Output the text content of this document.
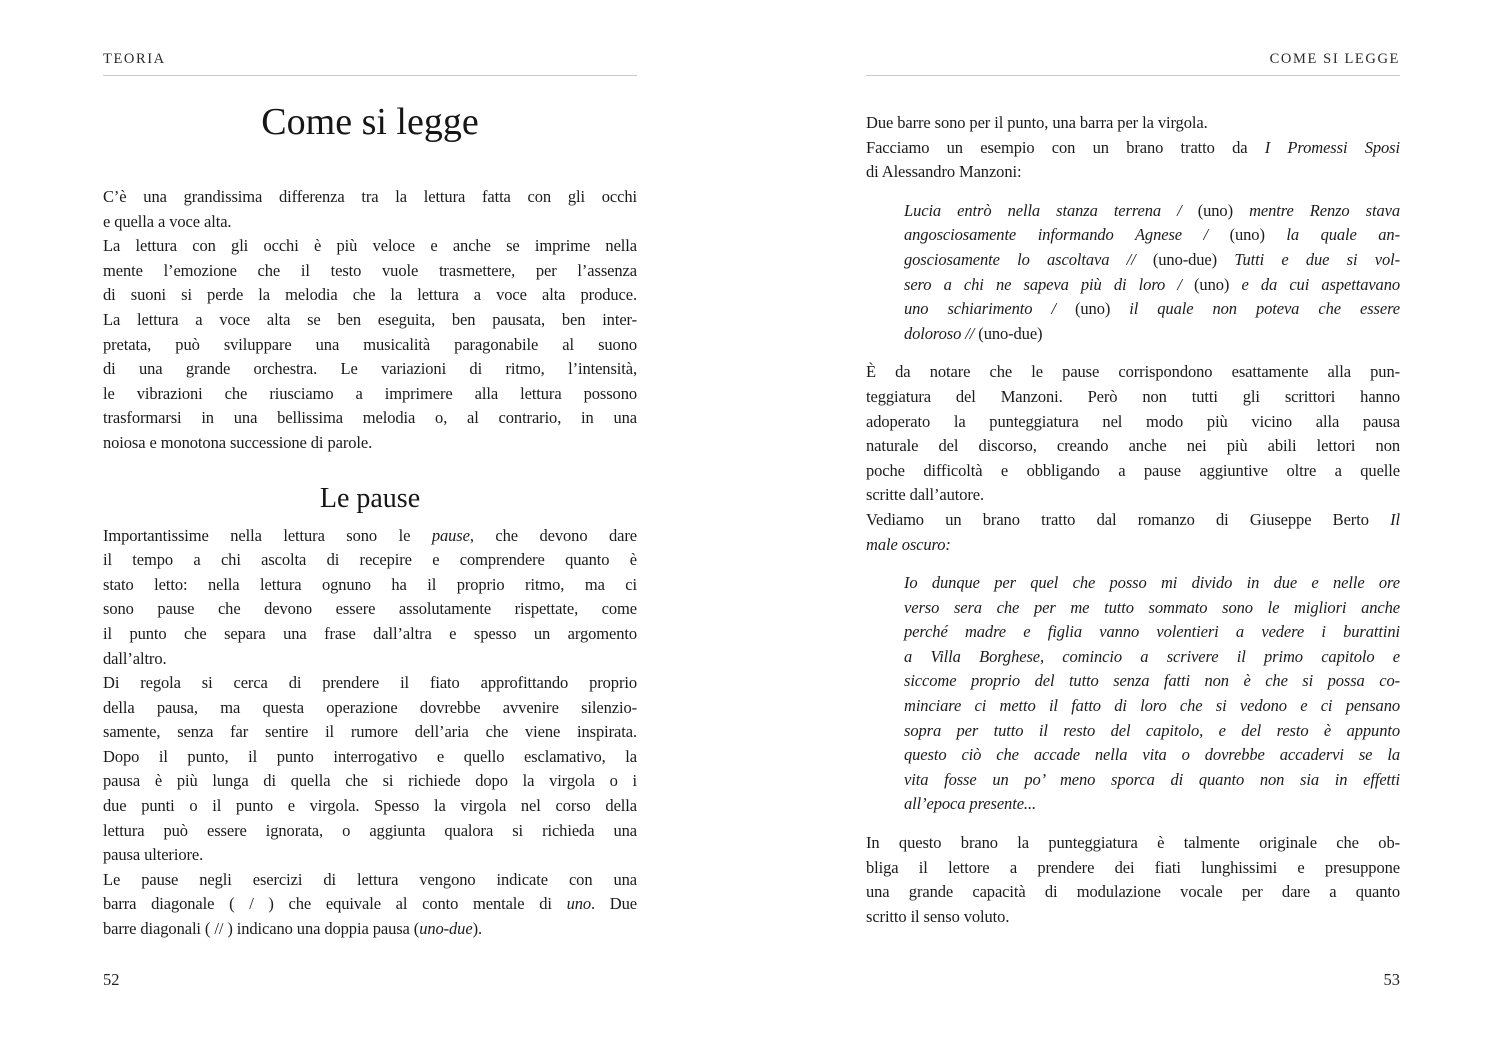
TEORIA
Come si legge
C’è una grandissima differenza tra la lettura fatta con gli occhi
e quella a voce alta.
La lettura con gli occhi è più veloce e anche se imprime nella
mente l’emozione che il testo vuole trasmettere, per l’assenza
di suoni si perde la melodia che la lettura a voce alta produce.
La lettura a voce alta se ben eseguita, ben pausata, ben inter-
pretata, può sviluppare una musicalità paragonabile al suono
di una grande orchestra. Le variazioni di ritmo, l’intensità,
le vibrazioni che riusciamo a imprimere alla lettura possono
trasformarsi in una bellissima melodia o, al contrario, in una
noiosa e monotona successione di parole.
Le pause
Importantissime nella lettura sono le pause, che devono dare
il tempo a chi ascolta di recepire e comprendere quanto è
stato letto: nella lettura ognuno ha il proprio ritmo, ma ci
sono pause che devono essere assolutamente rispettate, come
il punto che separa una frase dall’altra e spesso un argomento
dall’altro.
Di regola si cerca di prendere il fiato approfittando proprio
della pausa, ma questa operazione dovrebbe avvenire silenzio-
samente, senza far sentire il rumore dell’aria che viene inspirata.
Dopo il punto, il punto interrogativo e quello esclamativo, la
pausa è più lunga di quella che si richiede dopo la virgola o i
due punti o il punto e virgola. Spesso la virgola nel corso della
lettura può essere ignorata, o aggiunta qualora si richieda una
pausa ulteriore.
Le pause negli esercizi di lettura vengono indicate con una
barra diagonale ( / ) che equivale al conto mentale di uno. Due
barre diagonali ( // ) indicano una doppia pausa (uno-due).
52
COME SI LEGGE
Due barre sono per il punto, una barra per la virgola.
Facciamo un esempio con un brano tratto da I Promessi Sposi
di Alessandro Manzoni:
Lucia entrò nella stanza terrena / (uno) mentre Renzo stava
angosciosamente informando Agnese / (uno) la quale an-
gosciosamente lo ascoltava // (uno-due) Tutti e due si vol-
sero a chi ne sapeva più di loro / (uno) e da cui aspettavano
uno schiarimento / (uno) il quale non poteva che essere
doloroso // (uno-due)
È da notare che le pause corrispondono esattamente alla pun-
teggiatura del Manzoni. Però non tutti gli scrittori hanno
adoperato la punteggiatura nel modo più vicino alla pausa
naturale del discorso, creando anche nei più abili lettori non
poche difficoltà e obbligando a pause aggiuntive oltre a quelle
scritte dall’autore.
Vediamo un brano tratto dal romanzo di Giuseppe Berto Il
male oscuro:
Io dunque per quel che posso mi divido in due e nelle ore
verso sera che per me tutto sommato sono le migliori anche
perché madre e figlia vanno volentieri a vedere i burattini
a Villa Borghese, comincio a scrivere il primo capitolo e
siccome proprio del tutto senza fatti non è che si possa co-
minciare ci metto il fatto di loro che si vedono e ci pensano
sopra per tutto il resto del capitolo, e del resto è appunto
questo ciò che accade nella vita o dovrebbe accadervi se la
vita fosse un po’ meno sporca di quanto non sia in effetti
all’epoca presente...
In questo brano la punteggiatura è talmente originale che ob-
bliga il lettore a prendere dei fiati lunghissimi e presuppone
una grande capacità di modulazione vocale per dare a quanto
scritto il senso voluto.
53
